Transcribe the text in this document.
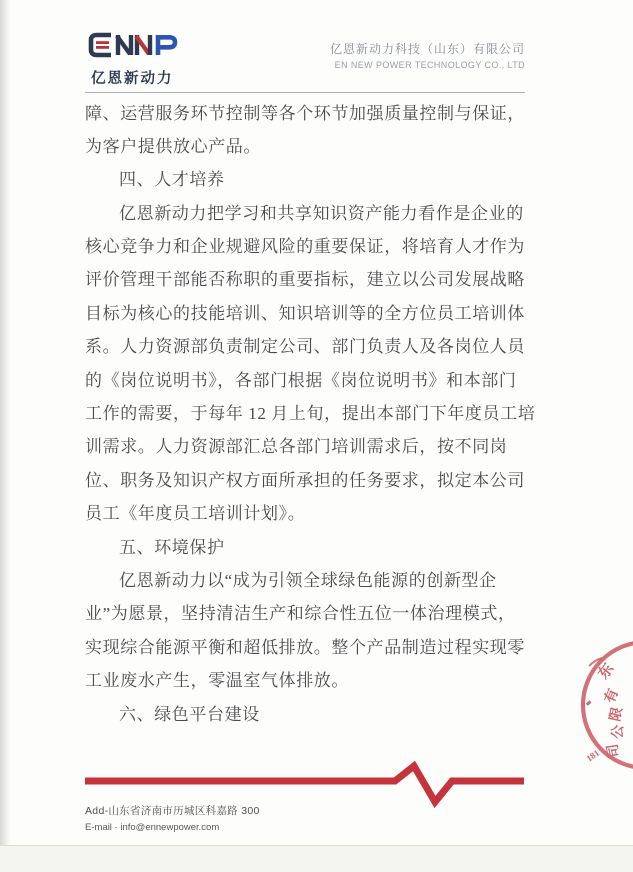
亿恩新动力
亿恩新动力科技（山东）有限公司
EN NEW POWER TECHNOLOGY CO., LTD
障、运营服务环节控制等各个环节加强质量控制与保证，
为客户提供放心产品。
四、人才培养
亿恩新动力把学习和共享知识资产能力看作是企业的
核心竞争力和企业规避风险的重要保证，将培育人才作为
评价管理干部能否称职的重要指标，建立以公司发展战略
目标为核心的技能培训、知识培训等的全方位员工培训体
系。人力资源部负责制定公司、部门负责人及各岗位人员
的《岗位说明书》，各部门根据《岗位说明书》和本部门
工作的需要，于每年 12 月上旬，提出本部门下年度员工培
训需求。人力资源部汇总各部门培训需求后，按不同岗
位、职务及知识产权方面所承担的任务要求，拟定本公司
员工《年度员工培训计划》。
五、环境保护
亿恩新动力以“成为引领全球绿色能源的创新型企
业”为愿景，坚持清洁生产和综合性五位一体治理模式，
实现综合能源平衡和超低排放。整个产品制造过程实现零
工业废水产生，零温室气体排放。
六、绿色平台建设
东
有
限
公
司
181
Add-山东省济南市历城区科嘉路 300
E-mail · info@ennewpower.com
